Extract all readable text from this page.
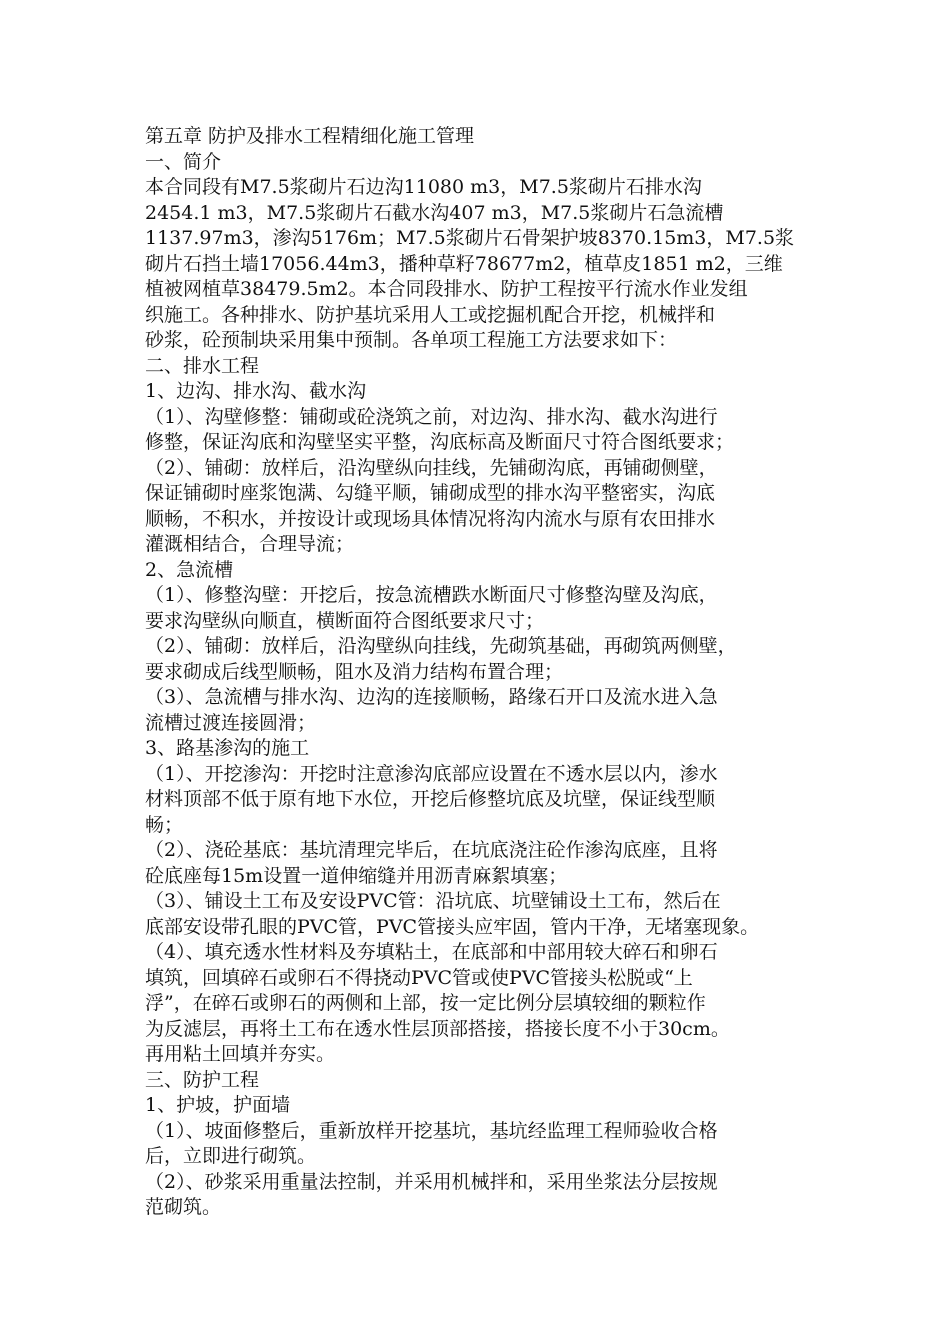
第五章 防护及排水工程精细化施工管理

一、简介

本合同段有M7.5浆砌片石边沟11080 m3，M7.5浆砌片石排水沟

2454.1 m3，M7.5浆砌片石截水沟407 m3，M7.5浆砌片石急流槽

1137.97m3，渗沟5176m；M7.5浆砌片石骨架护坡8370.15m3，M7.5浆

砌片石挡土墙17056.44m3，播种草籽78677m2，植草皮1851 m2，三维

植被网植草38479.5m2。本合同段排水、防护工程按平行流水作业发组

织施工。各种排水、防护基坑采用人工或挖掘机配合开挖，机械拌和

砂浆，砼预制块采用集中预制。各单项工程施工方法要求如下：

二、排水工程

1、边沟、排水沟、截水沟

（1）、沟壁修整：铺砌或砼浇筑之前，对边沟、排水沟、截水沟进行

修整，保证沟底和沟壁坚实平整，沟底标高及断面尺寸符合图纸要求；

（2）、铺砌：放样后，沿沟壁纵向挂线，先铺砌沟底，再铺砌侧壁，

保证铺砌时座浆饱满、勾缝平顺，铺砌成型的排水沟平整密实，沟底

顺畅，不积水，并按设计或现场具体情况将沟内流水与原有农田排水

灌溉相结合，合理导流；

2、急流槽

（1）、修整沟壁：开挖后，按急流槽跌水断面尺寸修整沟壁及沟底，

要求沟壁纵向顺直，横断面符合图纸要求尺寸；

（2）、铺砌：放样后，沿沟壁纵向挂线，先砌筑基础，再砌筑两侧壁，

要求砌成后线型顺畅，阻水及消力结构布置合理；

（3）、急流槽与排水沟、边沟的连接顺畅，路缘石开口及流水进入急

流槽过渡连接圆滑；

3、路基渗沟的施工

（1）、开挖渗沟：开挖时注意渗沟底部应设置在不透水层以内，渗水

材料顶部不低于原有地下水位，开挖后修整坑底及坑壁，保证线型顺

畅；

（2）、浇砼基底：基坑清理完毕后，在坑底浇注砼作渗沟底座，且将

砼底座每15m设置一道伸缩缝并用沥青麻絮填塞；

（3）、铺设土工布及安设PVC管：沿坑底、坑壁铺设土工布，然后在

底部安设带孔眼的PVC管，PVC管接头应牢固，管内干净，无堵塞现象。

（4）、填充透水性材料及夯填粘土，在底部和中部用较大碎石和卵石

填筑，回填碎石或卵石不得挠动PVC管或使PVC管接头松脱或“上

浮”，在碎石或卵石的两侧和上部，按一定比例分层填较细的颗粒作

为反滤层，再将土工布在透水性层顶部搭接，搭接长度不小于30cm。

再用粘土回填并夯实。

三、防护工程

1、护坡，护面墙

（1）、坡面修整后，重新放样开挖基坑，基坑经监理工程师验收合格

后，立即进行砌筑。

（2）、砂浆采用重量法控制，并采用机械拌和，采用坐浆法分层按规

范砌筑。
